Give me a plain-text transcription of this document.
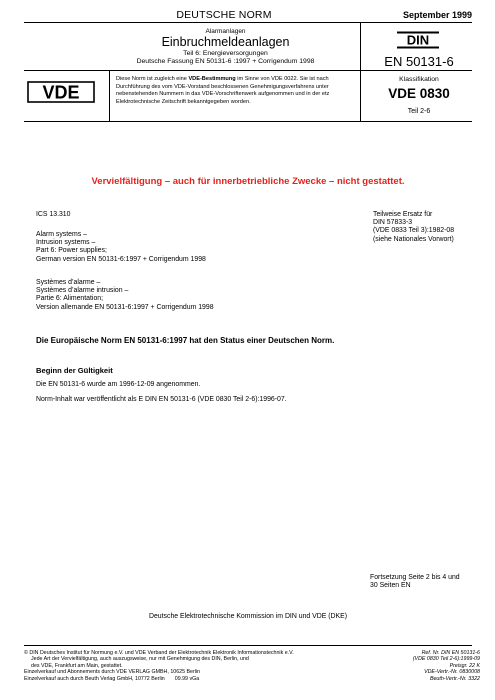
DEUTSCHE NORM	September 1999
Alarmanlagen
Einbruchmeldeanlagen
Teil 6: Energieversorgungen
Deutsche Fassung EN 50131-6 :1997 + Corrigendum 1998
DIN
EN 50131-6
VDE
Diese Norm ist zugleich eine VDE-Bestimmung im Sinne von VDE 0022. Sie ist nach Durchführung des vom VDE-Vorstand beschlossenen Genehmigungsverfahrens unter nebenstehenden Nummern in das VDE-Vorschriftenwerk aufgenommen und in der etz Elektrotechnische Zeitschrift bekanntgegeben worden.
Klassifikation
VDE 0830
Teil 2-6
Vervielfältigung – auch für innerbetriebliche Zwecke – nicht gestattet.
ICS 13.310
Alarm systems –
Intrusion systems –
Part 6: Power supplies;
German version EN 50131-6:1997 + Corrigendum 1998
Systèmes d’alarme –
Systèmes d’alarme intrusion –
Partie 6: Alimentation;
Version allemande EN 50131-6:1997 + Corrigendum 1998
Teilweise Ersatz für
DIN 57833-3
(VDE 0833 Teil 3):1982-08
(siehe Nationales Vorwort)
Die Europäische Norm EN 50131-6:1997 hat den Status einer Deutschen Norm.
Beginn der Gültigkeit
Die EN 50131-6 wurde am 1996-12-09 angenommen.
Norm-Inhalt war veröffentlicht als E DIN EN 50131-6 (VDE 0830 Teil 2-6):1996-07.
Fortsetzung Seite 2 bis 4 und
30 Seiten EN
Deutsche Elektrotechnische Kommission im DIN und VDE (DKE)
© DIN Deutsches Institut für Normung e.V. und VDE Verband der Elektrotechnik Elektronik Informationstechnik e.V.
Jede Art der Vervielfältigung, auch auszugsweise, nur mit Genehmigung des DIN, Berlin, und
des VDE, Frankfurt am Main, gestattet.
Einzelverkauf und Abonnements durch VDE VERLAG GMBH, 10625 Berlin
Einzelverkauf auch durch Beuth Verlag GmbH, 10772 Berlin 09.99 vGa
Ref. Nr. DIN EN 50131-6
(VDE 0830 Teil 2-6):1999-09
Preisgr. 22 K
VDE-Vertr.-Nr. 0830008
Beuth-Vertr.-Nr. 3322
